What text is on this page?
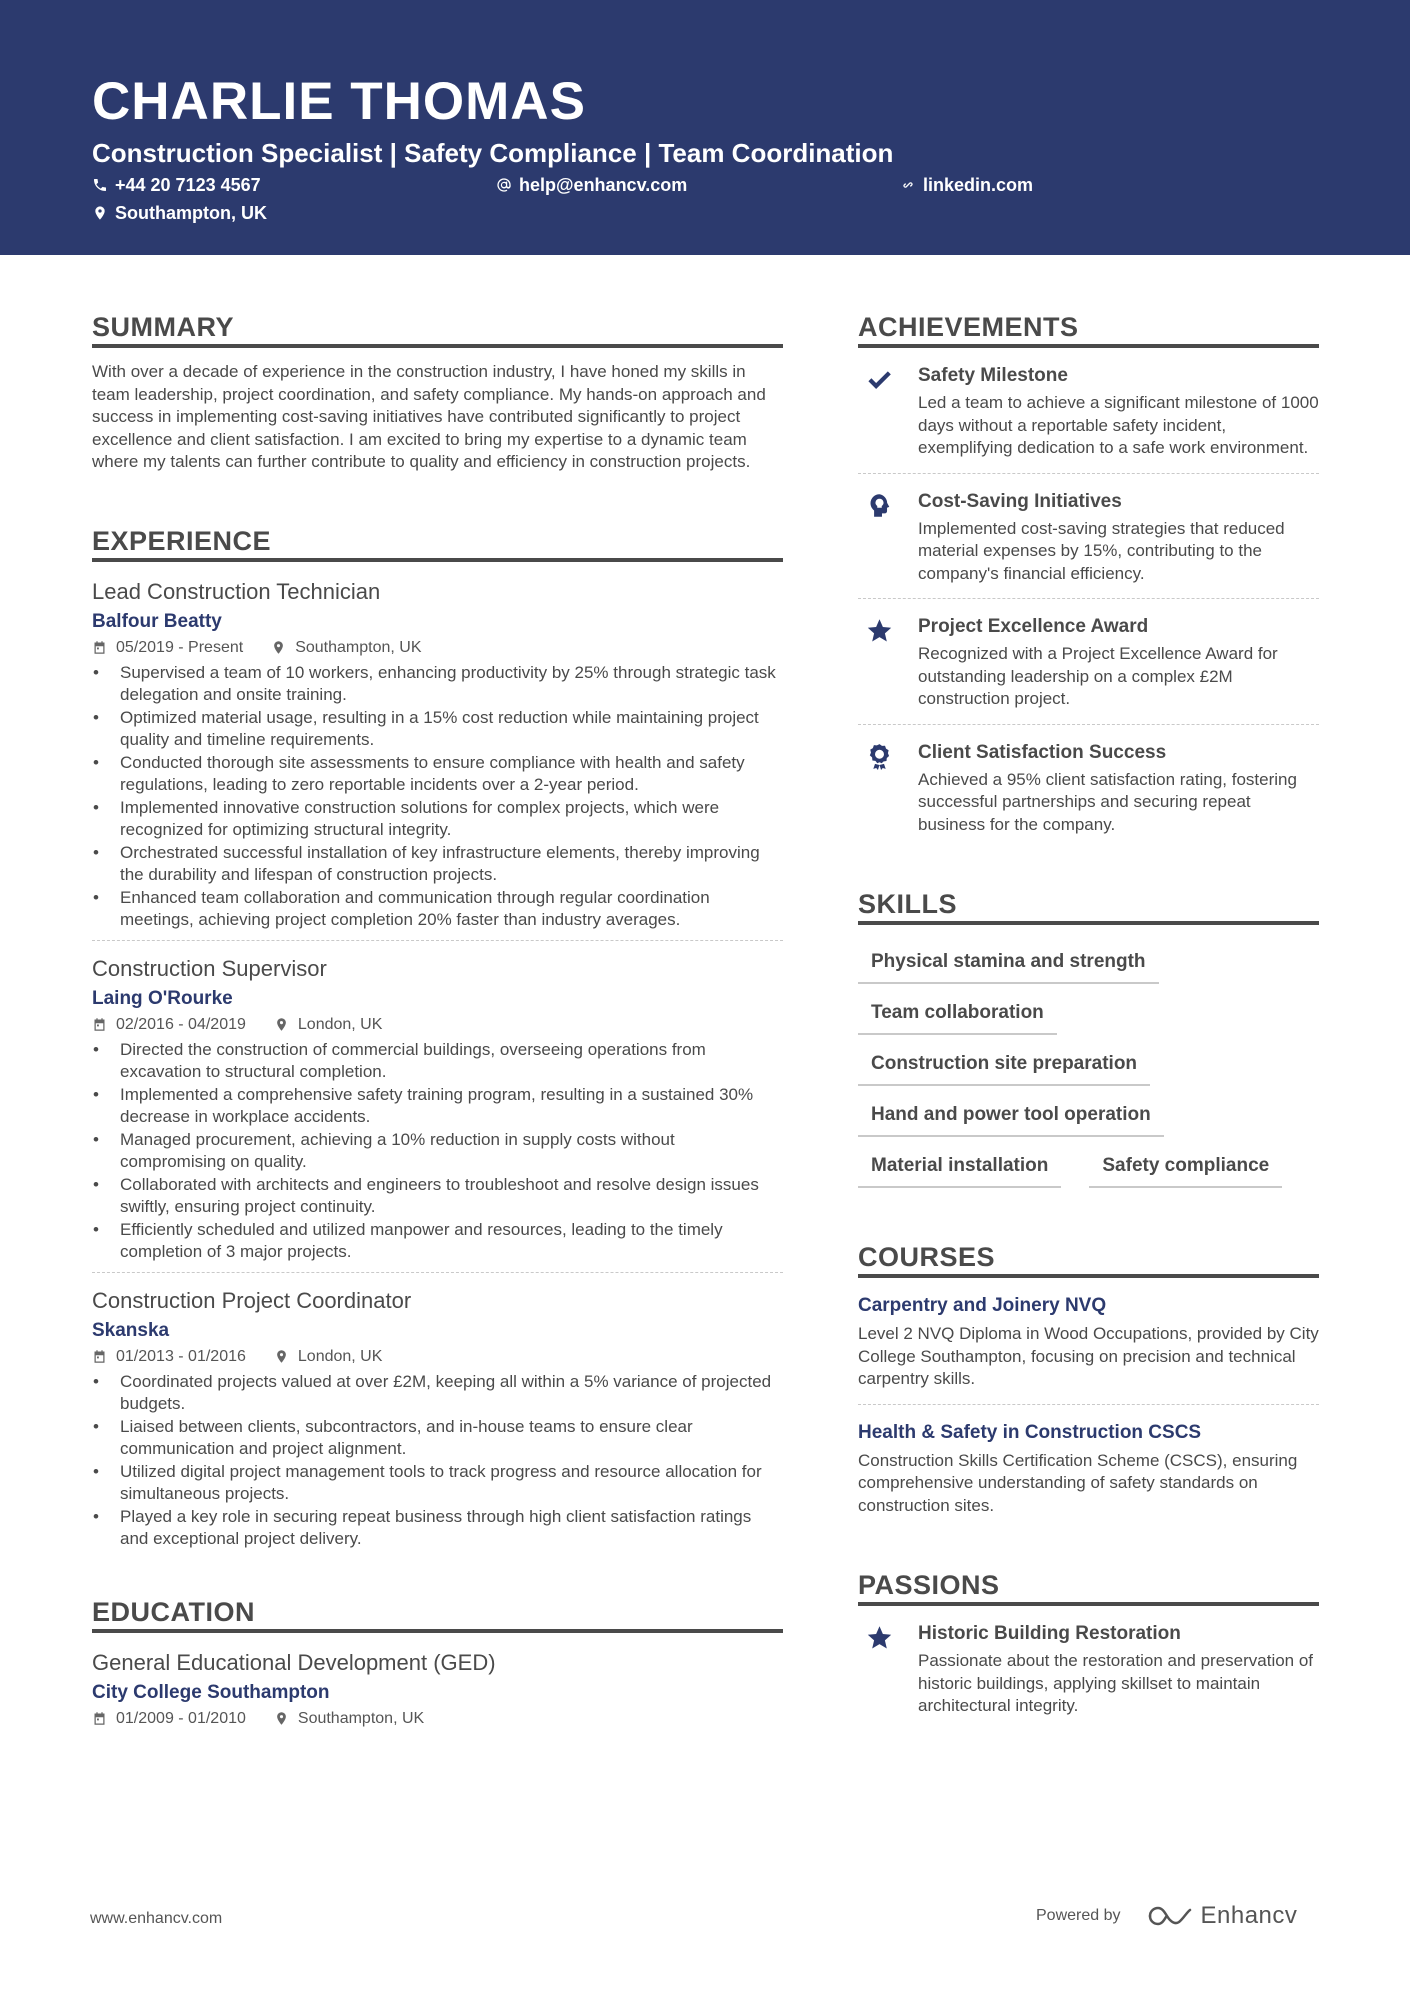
CHARLIE THOMAS
Construction Specialist | Safety Compliance | Team Coordination
+44 20 7123 4567	help@enhancv.com	linkedin.com
Southampton, UK
SUMMARY
With over a decade of experience in the construction industry, I have honed my skills in team leadership, project coordination, and safety compliance. My hands-on approach and success in implementing cost-saving initiatives have contributed significantly to project excellence and client satisfaction. I am excited to bring my expertise to a dynamic team where my talents can further contribute to quality and efficiency in construction projects.
EXPERIENCE
Lead Construction Technician
Balfour Beatty
05/2019 - Present	Southampton, UK
• Supervised a team of 10 workers, enhancing productivity by 25% through strategic task delegation and onsite training.
• Optimized material usage, resulting in a 15% cost reduction while maintaining project quality and timeline requirements.
• Conducted thorough site assessments to ensure compliance with health and safety regulations, leading to zero reportable incidents over a 2-year period.
• Implemented innovative construction solutions for complex projects, which were recognized for optimizing structural integrity.
• Orchestrated successful installation of key infrastructure elements, thereby improving the durability and lifespan of construction projects.
• Enhanced team collaboration and communication through regular coordination meetings, achieving project completion 20% faster than industry averages.
Construction Supervisor
Laing O'Rourke
02/2016 - 04/2019	London, UK
• Directed the construction of commercial buildings, overseeing operations from excavation to structural completion.
• Implemented a comprehensive safety training program, resulting in a sustained 30% decrease in workplace accidents.
• Managed procurement, achieving a 10% reduction in supply costs without compromising on quality.
• Collaborated with architects and engineers to troubleshoot and resolve design issues swiftly, ensuring project continuity.
• Efficiently scheduled and utilized manpower and resources, leading to the timely completion of 3 major projects.
Construction Project Coordinator
Skanska
01/2013 - 01/2016	London, UK
• Coordinated projects valued at over £2M, keeping all within a 5% variance of projected budgets.
• Liaised between clients, subcontractors, and in-house teams to ensure clear communication and project alignment.
• Utilized digital project management tools to track progress and resource allocation for simultaneous projects.
• Played a key role in securing repeat business through high client satisfaction ratings and exceptional project delivery.
EDUCATION
General Educational Development (GED)
City College Southampton
01/2009 - 01/2010	Southampton, UK
ACHIEVEMENTS
Safety Milestone
Led a team to achieve a significant milestone of 1000 days without a reportable safety incident, exemplifying dedication to a safe work environment.
Cost-Saving Initiatives
Implemented cost-saving strategies that reduced material expenses by 15%, contributing to the company's financial efficiency.
Project Excellence Award
Recognized with a Project Excellence Award for outstanding leadership on a complex £2M construction project.
Client Satisfaction Success
Achieved a 95% client satisfaction rating, fostering successful partnerships and securing repeat business for the company.
SKILLS
Physical stamina and strength
Team collaboration
Construction site preparation
Hand and power tool operation
Material installation	Safety compliance
COURSES
Carpentry and Joinery NVQ
Level 2 NVQ Diploma in Wood Occupations, provided by City College Southampton, focusing on precision and technical carpentry skills.
Health & Safety in Construction CSCS
Construction Skills Certification Scheme (CSCS), ensuring comprehensive understanding of safety standards on construction sites.
PASSIONS
Historic Building Restoration
Passionate about the restoration and preservation of historic buildings, applying skillset to maintain architectural integrity.
www.enhancv.com	Powered by	Enhancv
